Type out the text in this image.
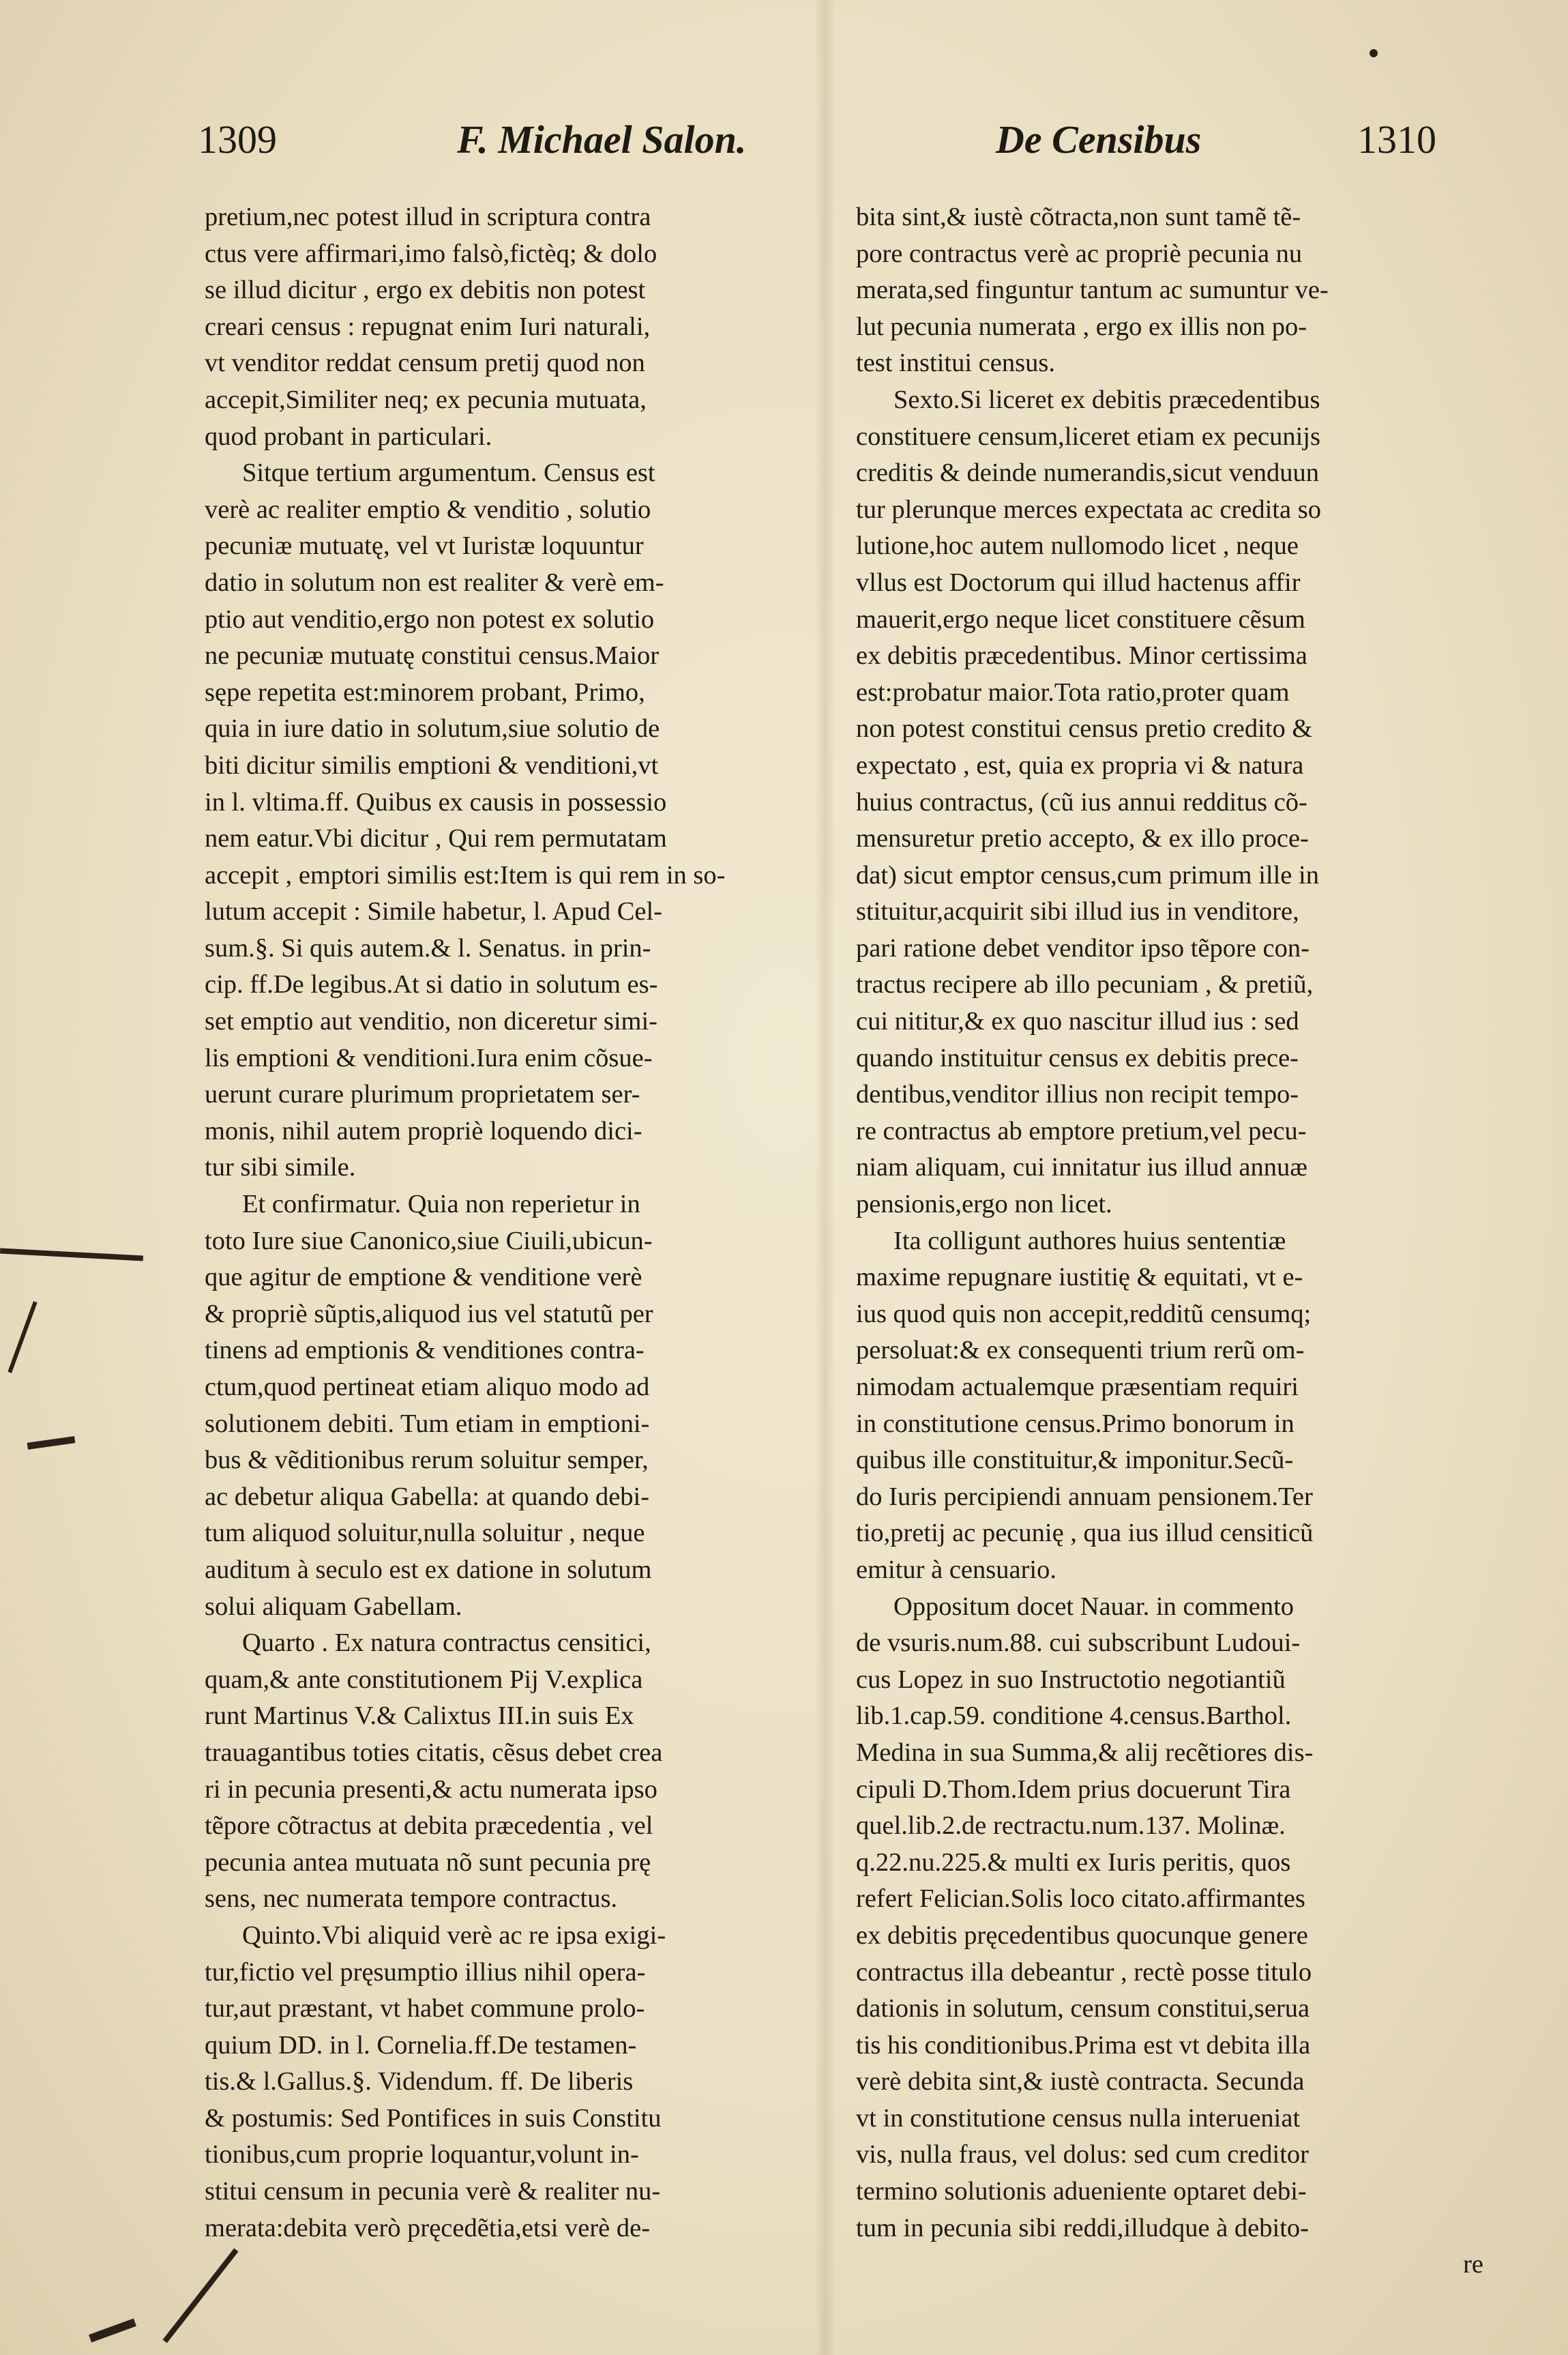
1309	F. Michael Salon.	De Censibus	1310
pretium,nec potest illud in scriptura contra
ctus vere affirmari,imo falsò,fictèq; & dolo
se illud dicitur , ergo ex debitis non potest
creari census : repugnat enim Iuri naturali,
vt venditor reddat censum pretij quod non
accepit,Similiter neq; ex pecunia mutuata,
quod probant in particulari.
Sitque tertium argumentum. Census est
verè ac realiter emptio & venditio , solutio
pecuniæ mutuatę, vel vt Iuristæ loquuntur
datio in solutum non est realiter & verè em-
ptio aut venditio,ergo non potest ex solutio
ne pecuniæ mutuatę constitui census.Maior
sępe repetita est:minorem probant, Primo,
quia in iure datio in solutum,siue solutio de
biti dicitur similis emptioni & venditioni,vt
in l. vltima.ff. Quibus ex causis in possessio
nem eatur.Vbi dicitur , Qui rem permutatam
accepit , emptori similis est:Item is qui rem in so-
lutum accepit : Simile habetur, l. Apud Cel-
sum.§. Si quis autem.& l. Senatus. in prin-
cip. ff.De legibus.At si datio in solutum es-
set emptio aut venditio, non diceretur simi-
lis emptioni & venditioni.Iura enim cõsue-
uerunt curare plurimum proprietatem ser-
monis, nihil autem propriè loquendo dici-
tur sibi simile.
Et confirmatur. Quia non reperietur in
toto Iure siue Canonico,siue Ciuili,ubicun-
que agitur de emptione & venditione verè
& propriè sũptis,aliquod ius vel statutũ per
tinens ad emptionis & venditiones contra-
ctum,quod pertineat etiam aliquo modo ad
solutionem debiti. Tum etiam in emptioni-
bus & vẽditionibus rerum soluitur semper,
ac debetur aliqua Gabella: at quando debi-
tum aliquod soluitur,nulla soluitur , neque
auditum à seculo est ex datione in solutum
solui aliquam Gabellam.
Quarto . Ex natura contractus censitici,
quam,& ante constitutionem Pij V.explica
runt Martinus V.& Calixtus III.in suis Ex
trauagantibus toties citatis, cẽsus debet crea
ri in pecunia presenti,& actu numerata ipso
tẽpore cõtractus at debita præcedentia , vel
pecunia antea mutuata nõ sunt pecunia prę
sens, nec numerata tempore contractus.
Quinto.Vbi aliquid verè ac re ipsa exigi-
tur,fictio vel pręsumptio illius nihil opera-
tur,aut præstant, vt habet commune prolo-
quium DD. in l. Cornelia.ff.De testamen-
tis.& l.Gallus.§. Videndum. ff. De liberis
& postumis: Sed Pontifices in suis Constitu
tionibus,cum proprie loquantur,volunt in-
stitui censum in pecunia verè & realiter nu-
merata:debita verò pręcedẽtia,etsi verè de-
bita sint,& iustè cõtracta,non sunt tamẽ tẽ-
pore contractus verè ac propriè pecunia nu
merata,sed finguntur tantum ac sumuntur ve-
lut pecunia numerata , ergo ex illis non po-
test institui census.
Sexto.Si liceret ex debitis præcedentibus
constituere censum,liceret etiam ex pecunijs
creditis & deinde numerandis,sicut venduun
tur plerunque merces expectata ac credita so
lutione,hoc autem nullomodo licet , neque
vllus est Doctorum qui illud hactenus affir
mauerit,ergo neque licet constituere cẽsum
ex debitis præcedentibus. Minor certissima
est:probatur maior.Tota ratio,proter quam
non potest constitui census pretio credito &
expectato , est, quia ex propria vi & natura
huius contractus, (cũ ius annui redditus cõ-
mensuretur pretio accepto, & ex illo proce-
dat) sicut emptor census,cum primum ille in
stituitur,acquirit sibi illud ius in venditore,
pari ratione debet venditor ipso tẽpore con-
tractus recipere ab illo pecuniam , & pretiũ,
cui nititur,& ex quo nascitur illud ius : sed
quando instituitur census ex debitis prece-
dentibus,venditor illius non recipit tempo-
re contractus ab emptore pretium,vel pecu-
niam aliquam, cui innitatur ius illud annuæ
pensionis,ergo non licet.
Ita colligunt authores huius sententiæ
maxime repugnare iustitię & equitati, vt e-
ius quod quis non accepit,redditũ censumq;
persoluat:& ex consequenti trium rerũ om-
nimodam actualemque præsentiam requiri
in constitutione census.Primo bonorum in
quibus ille constituitur,& imponitur.Secũ-
do Iuris percipiendi annuam pensionem.Ter
tio,pretij ac pecunię , qua ius illud censiticũ
emitur à censuario.
Oppositum docet Nauar. in commento
de vsuris.num.88. cui subscribunt Ludoui-
cus Lopez in suo Instructotio negotiantiũ
lib.1.cap.59. conditione 4.census.Barthol.
Medina in sua Summa,& alij recẽtiores dis-
cipuli D.Thom.Idem prius docuerunt Tira
quel.lib.2.de rectractu.num.137. Molinæ.
q.22.nu.225.& multi ex Iuris peritis, quos
refert Felician.Solis loco citato.affirmantes
ex debitis pręcedentibus quocunque genere
contractus illa debeantur , rectè posse titulo
dationis in solutum, censum constitui,serua
tis his conditionibus.Prima est vt debita illa
verè debita sint,& iustè contracta. Secunda
vt in constitutione census nulla interueniat
vis, nulla fraus, vel dolus: sed cum creditor
termino solutionis adueniente optaret debi-
tum in pecunia sibi reddi,illudque à debito-
re
